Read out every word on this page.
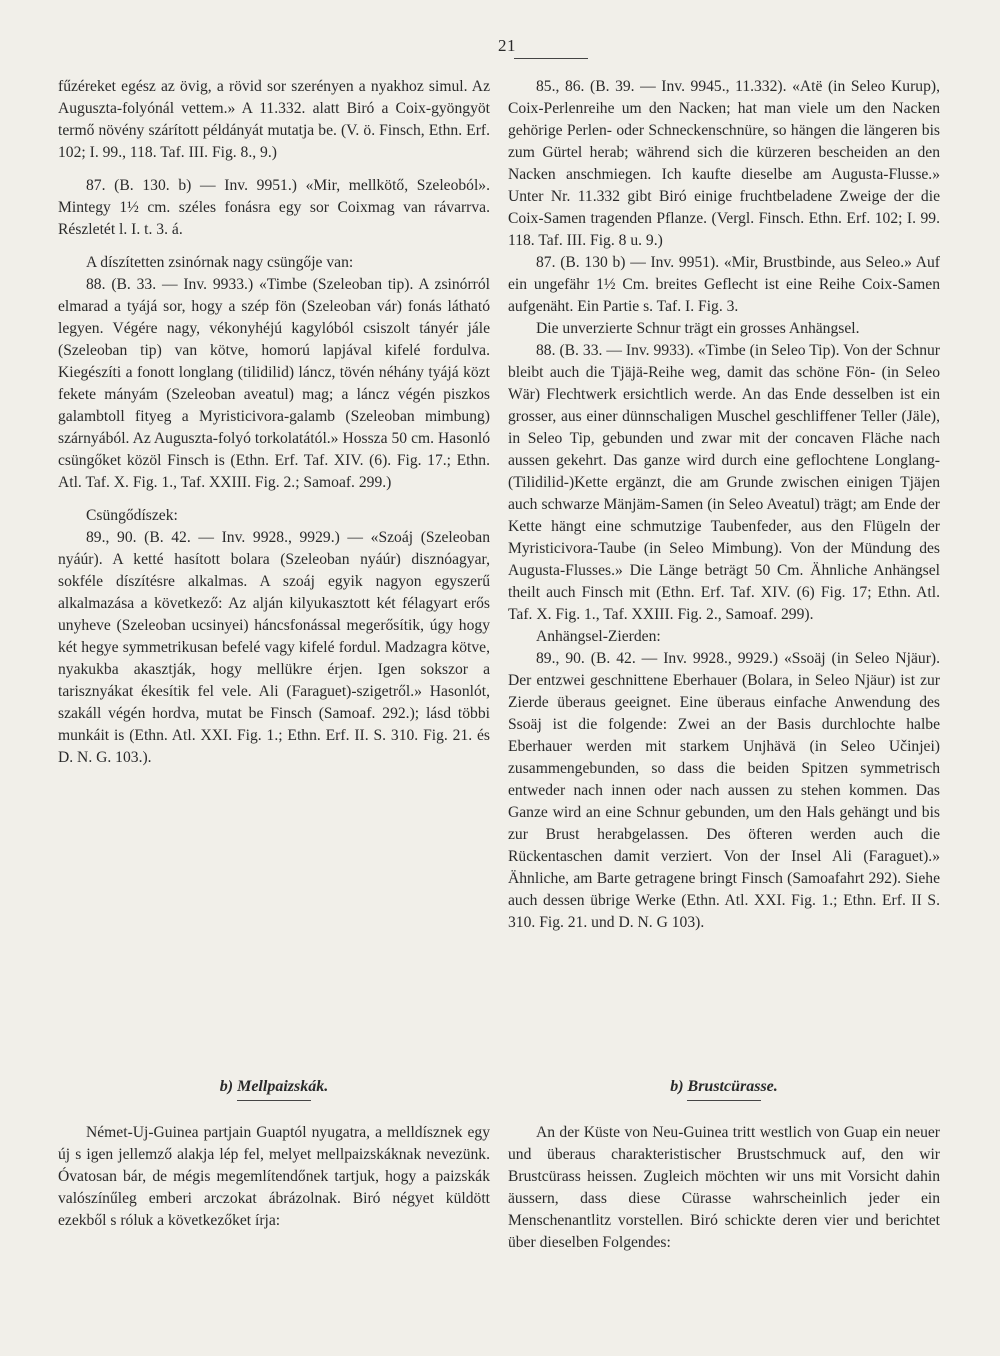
21
fűzéreket egész az övig, a rövid sor szerényen a nyakhoz simul. Az Auguszta-folyónál vettem.» A 11.332. alatt Biró a Coix-gyöngyöt termő növény szárított példányát mutatja be. (V. ö. Finsch, Ethn. Erf. 102; I. 99., 118. Taf. III. Fig. 8., 9.)
87. (B. 130. b) — Inv. 9951.) «Mir, mellkötő, Szeleoból». Mintegy 1½ cm. széles fonásra egy sor Coixmag van rávarrva. Részletét l. I. t. 3. á.
A díszítetten zsinórnak nagy csüngője van:
88. (B. 33. — Inv. 9933.) «Timbe (Szeleoban tip). A zsinórról elmarad a tyájá sor, hogy a szép fön (Szeleoban vár) fonás látható legyen. Végére nagy, vékonyhéjú kagylóból csiszolt tányér jále (Szeleoban tip) van kötve, homorú lapjával kifelé fordulva. Kiegészíti a fonott longlang (tilidilid) láncz, tövén néhány tyájá közt fekete mányám (Szeleoban aveatul) mag; a láncz végén piszkos galambtoll fityeg a Myristicivora-galamb (Szeleoban mimbung) szárnyából. Az Auguszta-folyó torkolatától.» Hossza 50 cm. Hasonló csüngőket közöl Finsch is (Ethn. Erf. Taf. XIV. (6). Fig. 17.; Ethn. Atl. Taf. X. Fig. 1., Taf. XXIII. Fig. 2.; Samoaf. 299.)
Csüngődíszek:
89., 90. (B. 42. — Inv. 9928., 9929.) — «Szoáj (Szeleoban nyáúr). A ketté hasított bolara (Szeleoban nyáúr) disznóagyar, sokféle díszítésre alkalmas. A szoáj egyik nagyon egyszerű alkalmazása a következő: Az alján kilyukasztott két félagyart erős unyheve (Szeleoban ucsinyei) háncsfonással megerősítik, úgy hogy két hegye symmetrikusan befelé vagy kifelé fordul. Madzagra kötve, nyakukba akasztják, hogy mellükre érjen. Igen sokszor a tarisznyákat ékesítik fel vele. Ali (Faraguet)-szigetről.» Hasonlót, szakáll végén hordva, mutat be Finsch (Samoaf. 292.); lásd többi munkáit is (Ethn. Atl. XXI. Fig. 1.; Ethn. Erf. II. S. 310. Fig. 21. és D. N. G. 103.).
85., 86. (B. 39. — Inv. 9945., 11.332). «Atë (in Seleo Kurup), Coix-Perlenreihe um den Nacken; hat man viele um den Nacken gehörige Perlen- oder Schneckenschnüre, so hängen die längeren bis zum Gürtel herab; während sich die kürzeren bescheiden an den Nacken anschmiegen. Ich kaufte dieselbe am Augusta-Flusse.» Unter Nr. 11.332 gibt Biró einige fruchtbeladene Zweige der die Coix-Samen tragenden Pflanze. (Vergl. Finsch. Ethn. Erf. 102; I. 99. 118. Taf. III. Fig. 8 u. 9.)
87. (B. 130 b) — Inv. 9951). «Mir, Brustbinde, aus Seleo.» Auf ein ungefähr 1½ Cm. breites Geflecht ist eine Reihe Coix-Samen aufgenäht. Ein Partie s. Taf. I. Fig. 3.
Die unverzierte Schnur trägt ein grosses Anhängsel.
88. (B. 33. — Inv. 9933). «Timbe (in Seleo Tip). Von der Schnur bleibt auch die Tjäjä-Reihe weg, damit das schöne Fön- (in Seleo Wär) Flechtwerk ersichtlich werde. An das Ende desselben ist ein grosser, aus einer dünnschaligen Muschel geschliffener Teller (Jäle), in Seleo Tip, gebunden und zwar mit der concaven Fläche nach aussen gekehrt. Das ganze wird durch eine geflochtene Longlang-(Tilidilid-)Kette ergänzt, die am Grunde zwischen einigen Tjäjen auch schwarze Mänjäm-Samen (in Seleo Aveatul) trägt; am Ende der Kette hängt eine schmutzige Taubenfeder, aus den Flügeln der Myristicivora-Taube (in Seleo Mimbung). Von der Mündung des Augusta-Flusses.» Die Länge beträgt 50 Cm. Ähnliche Anhängsel theilt auch Finsch mit (Ethn. Erf. Taf. XIV. (6) Fig. 17; Ethn. Atl. Taf. X. Fig. 1., Taf. XXIII. Fig. 2., Samoaf. 299).
Anhängsel-Zierden:
89., 90. (B. 42. — Inv. 9928., 9929.) «Ssoäj (in Seleo Njäur). Der entzwei geschnittene Eberhauer (Bolara, in Seleo Njäur) ist zur Zierde überaus geeignet. Eine überaus einfache Anwendung des Ssoäj ist die folgende: Zwei an der Basis durchlochte halbe Eberhauer werden mit starkem Unjhävä (in Seleo Učinjei) zusammengebunden, so dass die beiden Spitzen symmetrisch entweder nach innen oder nach aussen zu stehen kommen. Das Ganze wird an eine Schnur gebunden, um den Hals gehängt und bis zur Brust herabgelassen. Des öfteren werden auch die Rückentaschen damit verziert. Von der Insel Ali (Faraguet).» Ähnliche, am Barte getragene bringt Finsch (Samoafahrt 292). Siehe auch dessen übrige Werke (Ethn. Atl. XXI. Fig. 1.; Ethn. Erf. II S. 310. Fig. 21. und D. N. G 103).
b) Mellpaizskák.	b) Brustcürasse.
Német-Uj-Guinea partjain Guaptól nyugatra, a melldísznek egy új s igen jellemző alakja lép fel, melyet mellpaizskáknak nevezünk. Óvatosan bár, de mégis megemlítendőnek tartjuk, hogy a paizskák valószínűleg emberi arczokat ábrázolnak. Biró négyet küldött ezekből s róluk a következőket írja:
An der Küste von Neu-Guinea tritt westlich von Guap ein neuer und überaus charakteristischer Brustschmuck auf, den wir Brustcürass heissen. Zugleich möchten wir uns mit Vorsicht dahin äussern, dass diese Cürasse wahrscheinlich jeder ein Menschenantlitz vorstellen. Biró schickte deren vier und berichtet über dieselben Folgendes:
